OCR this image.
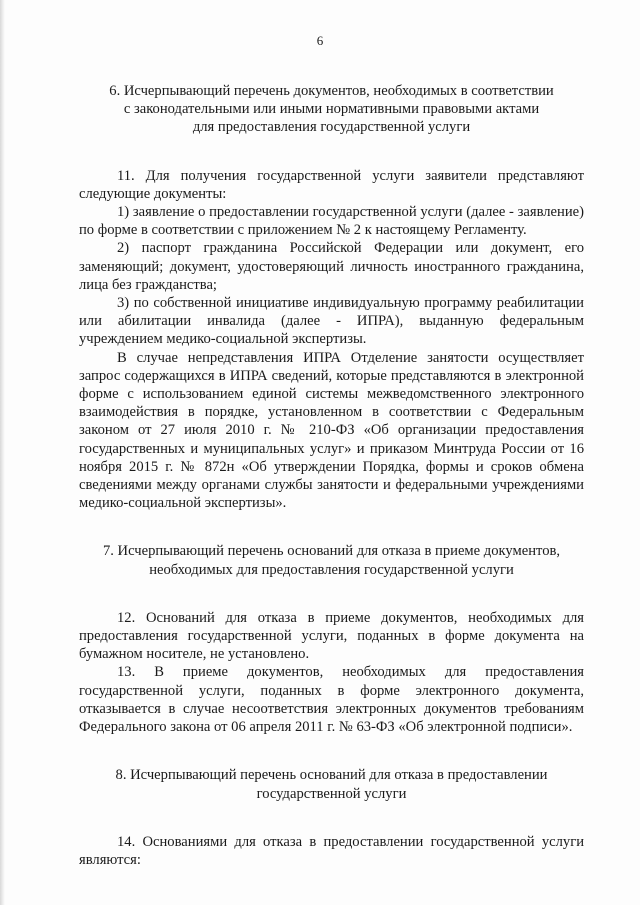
6
6. Исчерпывающий перечень документов, необходимых в соответствии
с законодательными или иными нормативными правовыми актами
для предоставления государственной услуги

11. Для получения государственной услуги заявители представляют следующие документы:

1) заявление о предоставлении государственной услуги (далее - заявление) по форме в соответствии с приложением № 2 к настоящему Регламенту.

2) паспорт гражданина Российской Федерации или документ, его заменяющий; документ, удостоверяющий личность иностранного гражданина, лица без гражданства;

3) по собственной инициативе индивидуальную программу реабилитации или абилитации инвалида (далее - ИПРА), выданную федеральным учреждением медико-социальной экспертизы.

В случае непредставления ИПРА Отделение занятости осуществляет запрос содержащихся в ИПРА сведений, которые представляются в электронной форме с использованием единой системы межведомственного электронного взаимодействия в порядке, установленном в соответствии с Федеральным законом от 27 июля 2010 г. № 210-ФЗ «Об организации предоставления государственных и муниципальных услуг» и приказом Минтруда России от 16 ноября 2015 г. № 872н «Об утверждении Порядка, формы и сроков обмена сведениями между органами службы занятости и федеральными учреждениями медико-социальной экспертизы».

7. Исчерпывающий перечень оснований для отказа в приеме документов,
необходимых для предоставления государственной услуги

12. Оснований для отказа в приеме документов, необходимых для предоставления государственной услуги, поданных в форме документа на бумажном носителе, не установлено.

13. В приеме документов, необходимых для предоставления государственной услуги, поданных в форме электронного документа, отказывается в случае несоответствия электронных документов требованиям Федерального закона от 06 апреля 2011 г. № 63-ФЗ «Об электронной подписи».

8. Исчерпывающий перечень оснований для отказа в предоставлении
государственной услуги

14. Основаниями для отказа в предоставлении государственной услуги являются:
